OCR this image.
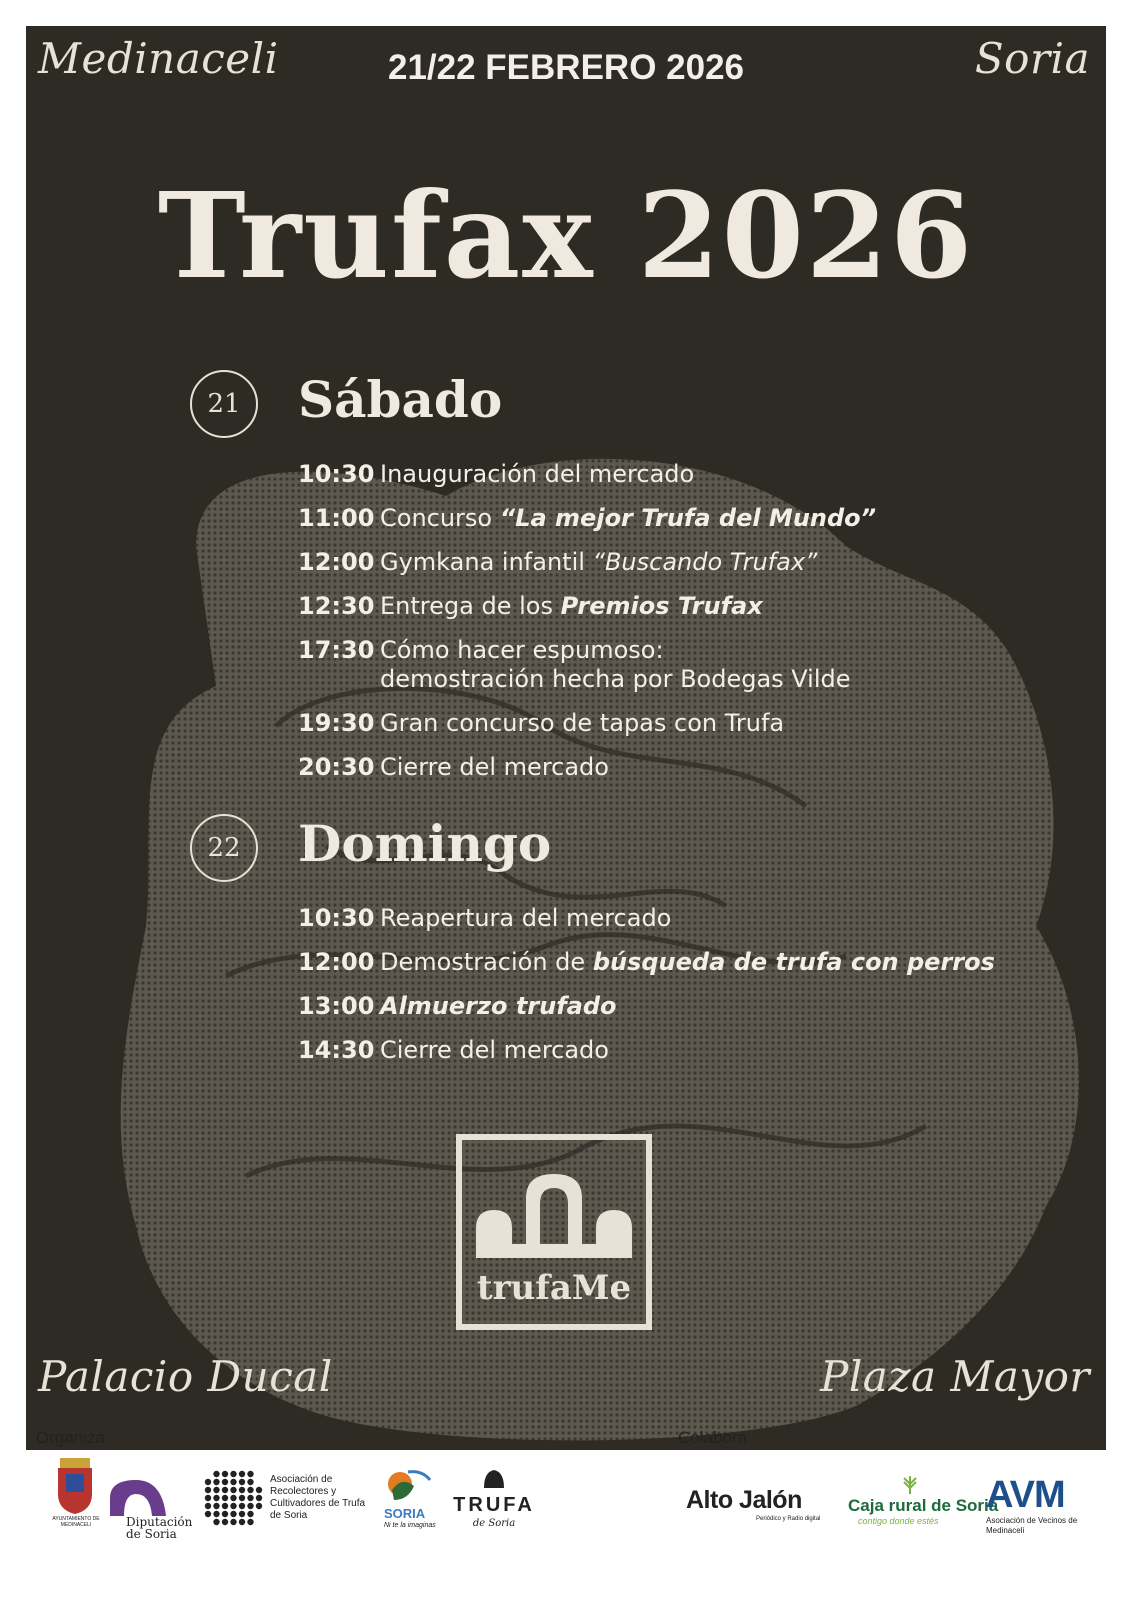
Medinaceli	21/22 FEBRERO 2026	Soria
Trufax 2026
21	Sábado
10:30 Inauguración del mercado
11:00 Concurso “La mejor Trufa del Mundo”
12:00 Gymkana infantil “Buscando Trufax”
12:30 Entrega de los Premios Trufax
17:30 Cómo hacer espumoso:
demostración hecha por Bodegas Vilde
19:30 Gran concurso de tapas con Trufa
20:30 Cierre del mercado
22	Domingo
10:30 Reapertura del mercado
12:00 Demostración de búsqueda de trufa con perros
13:00 Almuerzo trufado
14:30 Cierre del mercado
trufaMe
Palacio Ducal	Plaza Mayor
Organiza	Colabora
AYUNTAMIENTO DE MEDINACELI	Diputación de Soria
Asociación de Recolectores y Cultivadores de Trufa de Soria	SORIA
Ni te la imaginas
TRUFA
de Soria
Alto Jalón
Periódico y Radio digital
Caja rural de Soria
contigo donde estés
AVM
Asociación de Vecinos de Medinaceli
